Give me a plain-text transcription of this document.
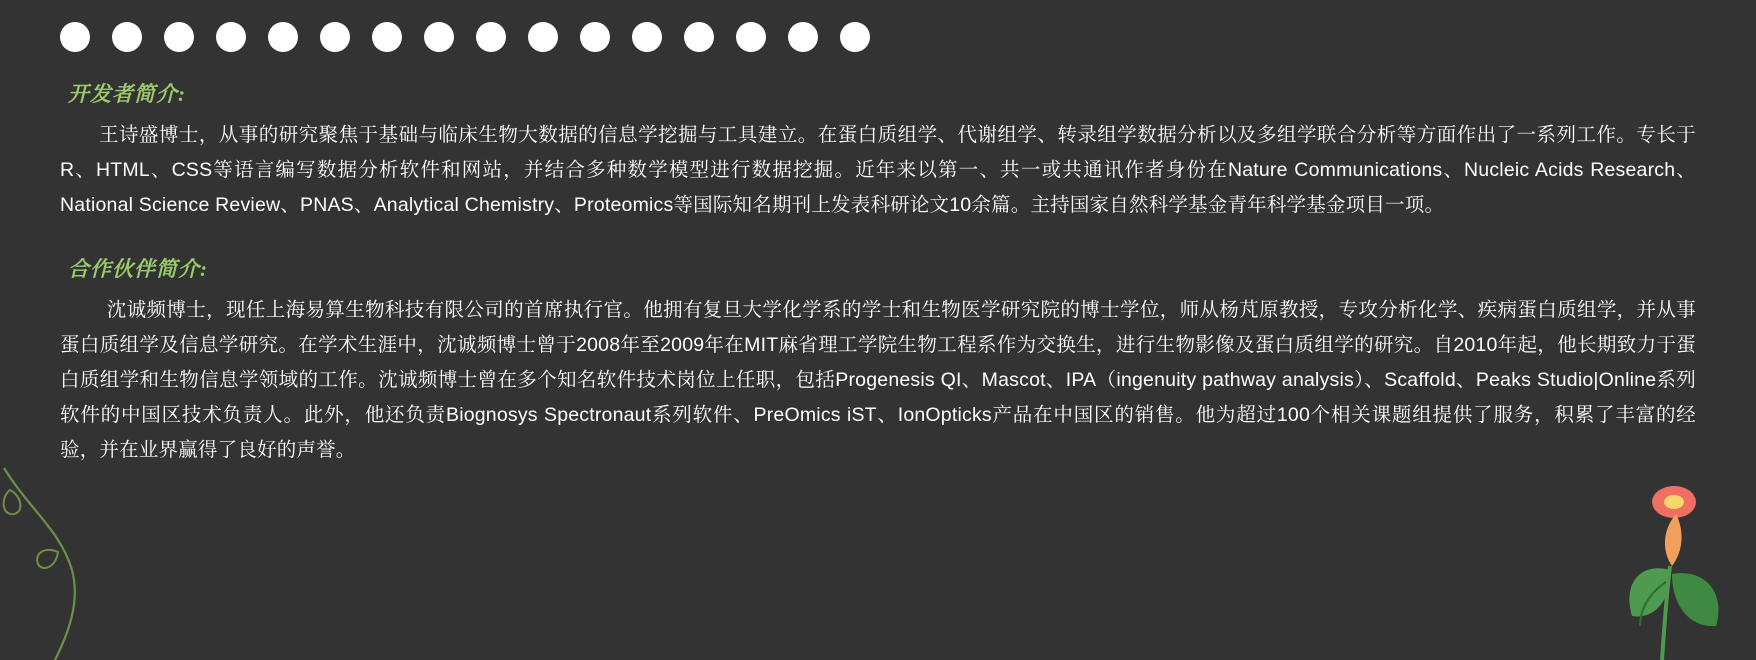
开发者简介:

王诗盛博士，从事的研究聚焦于基础与临床生物大数据的信息学挖掘与工具建立。在蛋白质组学、代谢组学、转录组学数据分析以及多组学联合分析等方面作出了一系列工作。专长于R、HTML、CSS等语言编写数据分析软件和网站，并结合多种数学模型进行数据挖掘。近年来以第一、共一或共通讯作者身份在Nature Communications、Nucleic Acids Research、National Science Review、PNAS、Analytical Chemistry、Proteomics等国际知名期刊上发表科研论文10余篇。主持国家自然科学基金青年科学基金项目一项。

合作伙伴简介:

沈诚频博士，现任上海易算生物科技有限公司的首席执行官。他拥有复旦大学化学系的学士和生物医学研究院的博士学位，师从杨芃原教授，专攻分析化学、疾病蛋白质组学，并从事蛋白质组学及信息学研究。在学术生涯中，沈诚频博士曾于2008年至2009年在MIT麻省理工学院生物工程系作为交换生，进行生物影像及蛋白质组学的研究。自2010年起，他长期致力于蛋白质组学和生物信息学领域的工作。沈诚频博士曾在多个知名软件技术岗位上任职，包括Progenesis QI、Mascot、IPA（ingenuity pathway analysis）、Scaffold、Peaks Studio|Online系列软件的中国区技术负责人。此外，他还负责Biognosys Spectronaut系列软件、PreOmics iST、IonOpticks产品在中国区的销售。他为超过100个相关课题组提供了服务，积累了丰富的经验，并在业界赢得了良好的声誉。
